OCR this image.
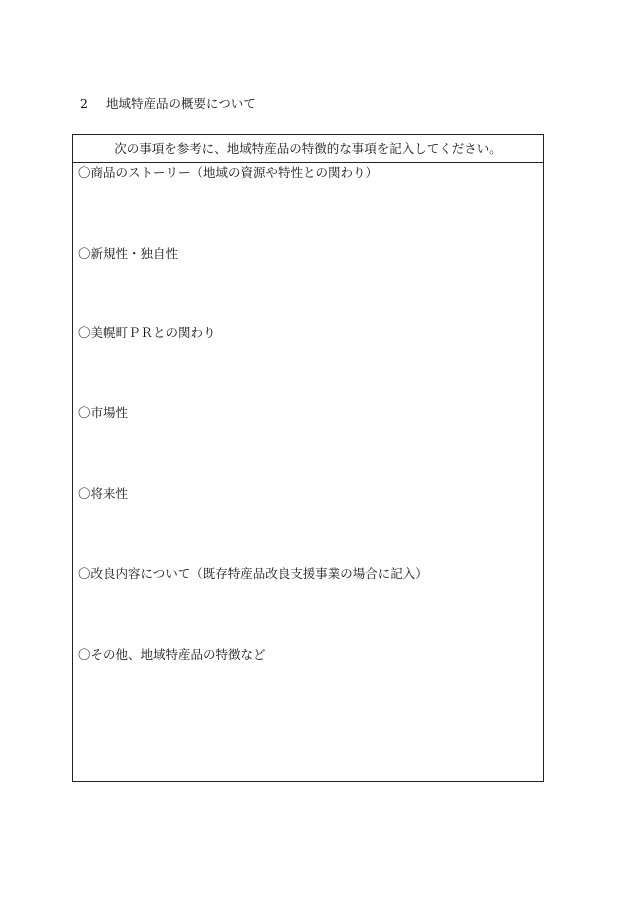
2 地域特産品の概要について
次の事項を参考に、地域特産品の特徴的な事項を記入してください。
〇商品のストーリー（地域の資源や特性との関わり）
〇新規性・独自性
〇美幌町ＰＲとの関わり
〇市場性
〇将来性
〇改良内容について（既存特産品改良支援事業の場合に記入）
〇その他、地域特産品の特徴など
